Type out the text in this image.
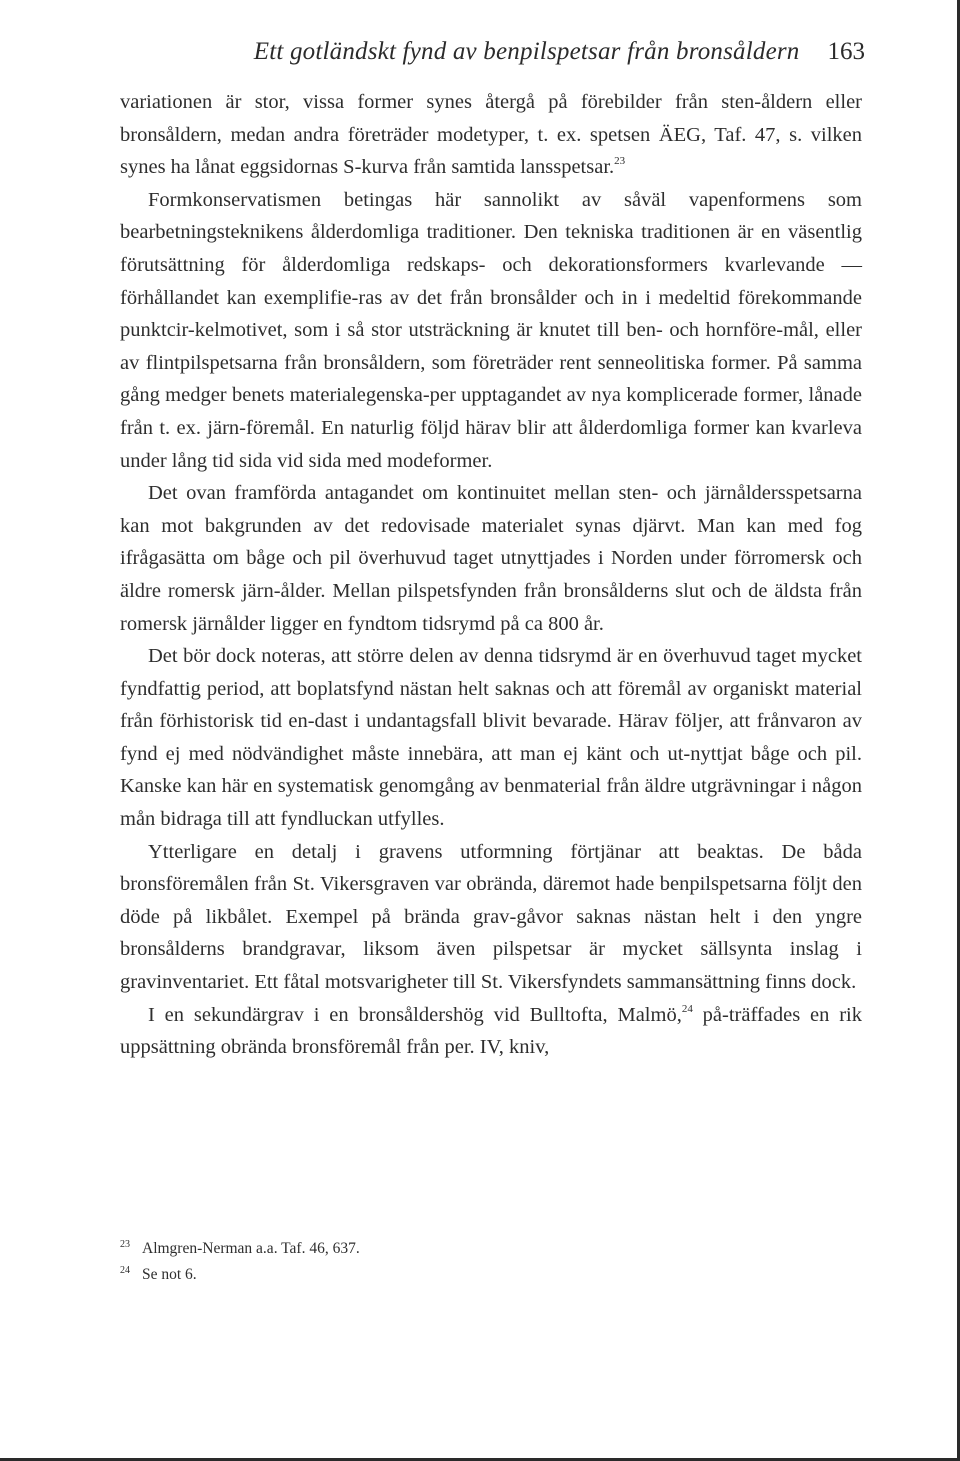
Ett gotländskt fynd av benpilspetsar från bronsåldern 163

variationen är stor, vissa former synes återgå på förebilder från sten-åldern eller bronsåldern, medan andra företräder modetyper, t. ex. spetsen ÄEG, Taf. 47, s. vilken synes ha lånat eggsidornas S-kurva från samtida lansspetsar.$^{23}$

Formkonservatismen betingas här sannolikt av såväl vapenformens som bearbetningsteknikens ålderdomliga traditioner. Den tekniska traditionen är en väsentlig förutsättning för ålderdomliga redskaps- och dekorationsformers kvarlevande — förhållandet kan exemplifie-ras av det från bronsålder och in i medeltid förekommande punktcir-kelmotivet, som i så stor utsträckning är knutet till ben- och hornföre-mål, eller av flintpilspetsarna från bronsåldern, som företräder rent senneolitiska former. På samma gång medger benets materialegenska-per upptagandet av nya komplicerade former, lånade från t. ex. järn-föremål. En naturlig följd härav blir att ålderdomliga former kan kvarleva under lång tid sida vid sida med modeformer.

Det ovan framförda antagandet om kontinuitet mellan sten- och järnåldersspetsarna kan mot bakgrunden av det redovisade materialet synas djärvt. Man kan med fog ifrågasätta om båge och pil överhuvud taget utnyttjades i Norden under förromersk och äldre romersk järn-ålder. Mellan pilspetsfynden från bronsålderns slut och de äldsta från romersk järnålder ligger en fyndtom tidsrymd på ca 800 år.

Det bör dock noteras, att större delen av denna tidsrymd är en överhuvud taget mycket fyndfattig period, att boplatsfynd nästan helt saknas och att föremål av organiskt material från förhistorisk tid en-dast i undantagsfall blivit bevarade. Härav följer, att frånvaron av fynd ej med nödvändighet måste innebära, att man ej känt och ut-nyttjat båge och pil. Kanske kan här en systematisk genomgång av benmaterial från äldre utgrävningar i någon mån bidraga till att fyndluckan utfylles.

Ytterligare en detalj i gravens utformning förtjänar att beaktas. De båda bronsföremålen från St. Vikersgraven var obrända, däremot hade benpilspetsarna följt den döde på likbålet. Exempel på brända grav-gåvor saknas nästan helt i den yngre bronsålderns brandgravar, liksom även pilspetsar är mycket sällsynta inslag i gravinventariet. Ett fåtal motsvarigheter till St. Vikersfyndets sammansättning finns dock.

I en sekundärgrav i en bronsåldershög vid Bulltofta, Malmö,$^{24}$ på-träffades en rik uppsättning obrända bronsföremål från per. IV, kniv,

23 Almgren-Nerman a.a. Taf. 46, 637.
24 Se not 6.
